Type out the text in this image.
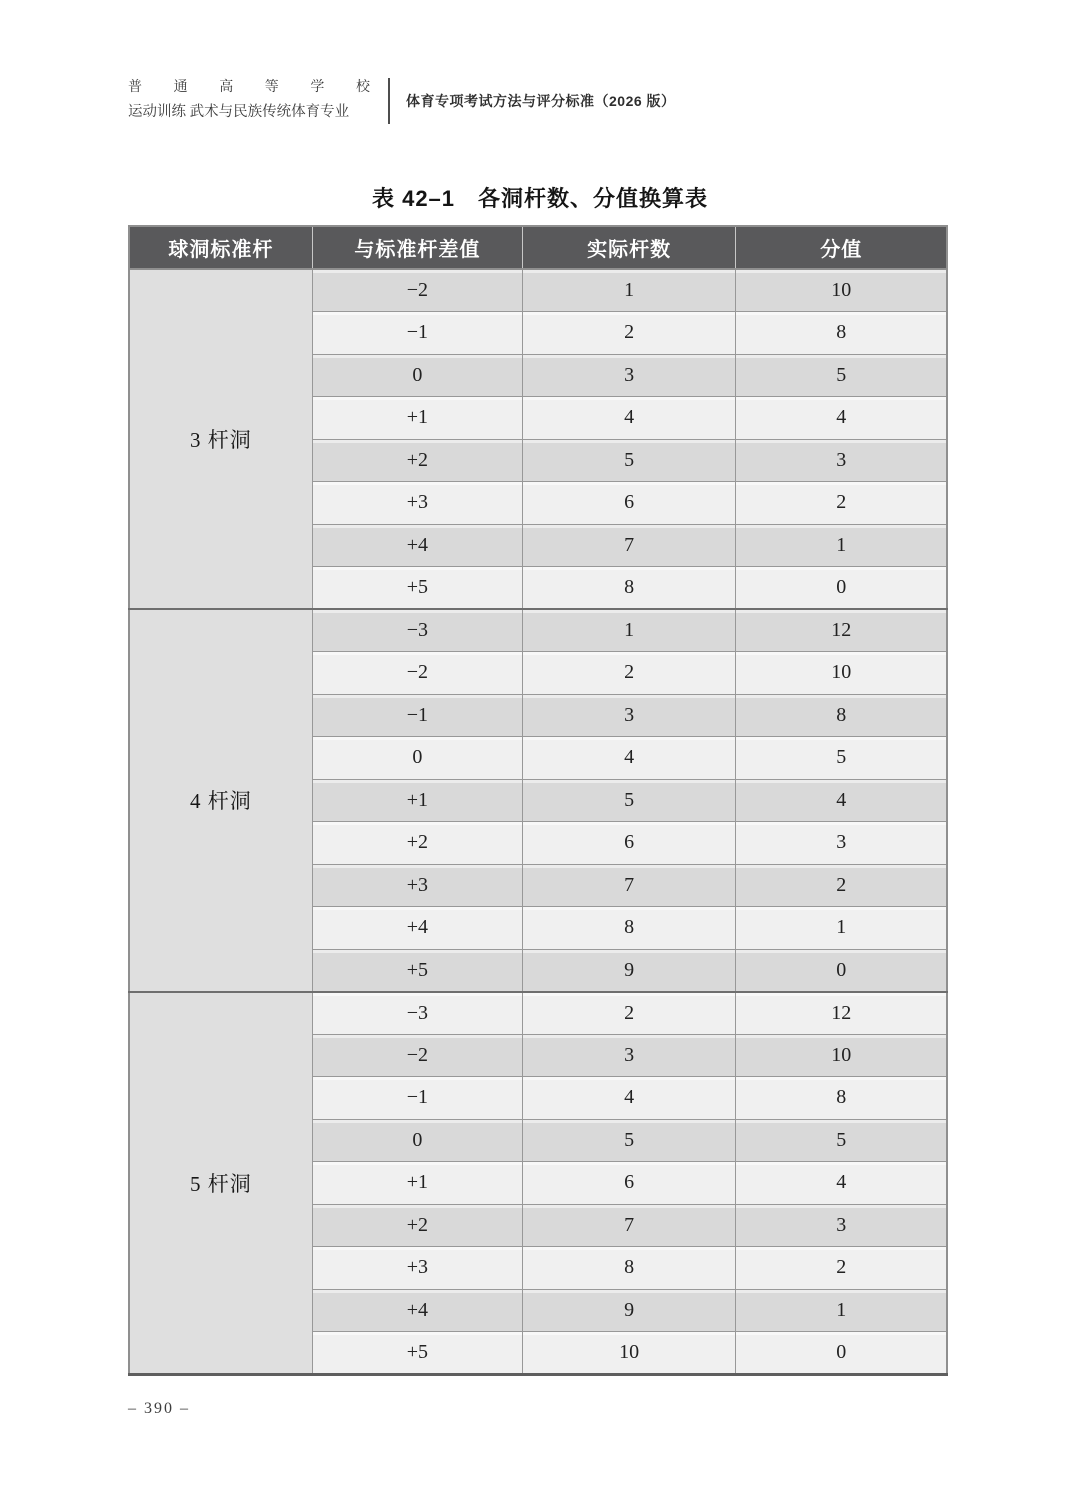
普 通 高 等 学 校
运动训练 武术与民族传统体育专业
体育专项考试方法与评分标准（2026 版）
表 42–1　各洞杆数、分值换算表
球洞标准杆	与标准杆差值	实际杆数	分值
3 杆洞	−2	1	10
	−1	2	8
	0	3	5
	+1	4	4
	+2	5	3
	+3	6	2
	+4	7	1
	+5	8	0
4 杆洞	−3	1	12
	−2	2	10
	−1	3	8
	0	4	5
	+1	5	4
	+2	6	3
	+3	7	2
	+4	8	1
	+5	9	0
5 杆洞	−3	2	12
	−2	3	10
	−1	4	8
	0	5	5
	+1	6	4
	+2	7	3
	+3	8	2
	+4	9	1
	+5	10	0
– 390 –
